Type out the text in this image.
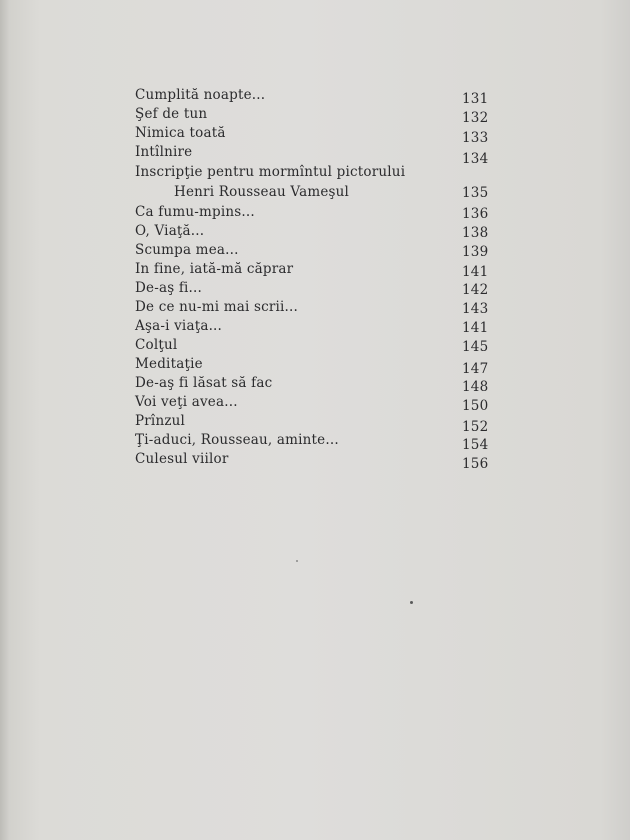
Cumplită noapte...	131
Şef de tun	132
Nimica toată	133
Intîlnire	134
Inscripţie pentru mormîntul pictorului
Henri Rousseau Vameşul	135
Ca fumu-mpins...	136
O, Viaţă...	138
Scumpa mea...	139
In fine, iată-mă căprar	141
De-aş fi...	142
De ce nu-mi mai scrii...	143
Aşa-i viaţa...	141
Colţul	145
Meditaţie	147
De-aş fi lăsat să fac	148
Voi veţi avea...	150
Prînzul	152
Ţi-aduci, Rousseau, aminte...	154
Culesul viilor	156
